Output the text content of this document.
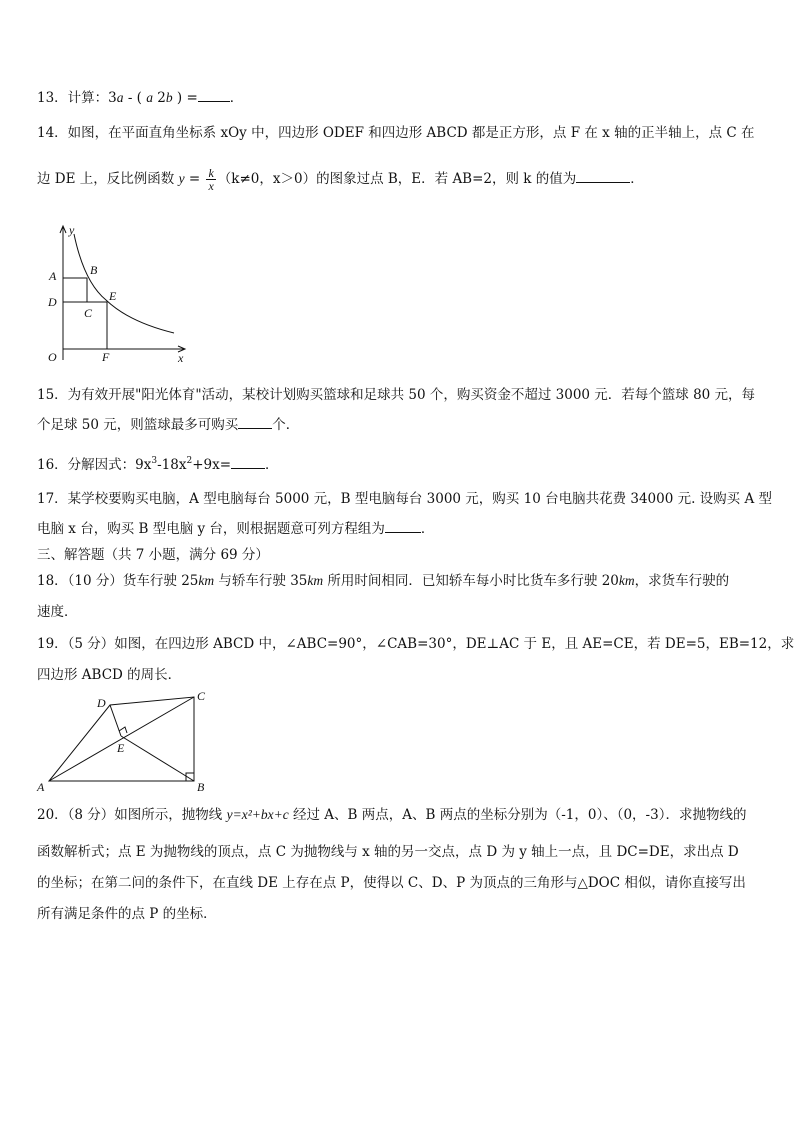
13．计算：3a - ( a 2b ) = ．
14．如图，在平面直角坐标系 xOy 中，四边形 ODEF 和四边形 ABCD 都是正方形，点 F 在 x 轴的正半轴上，点 C 在
边 DE 上，反比例函数 $y = \frac{k}{x} (k\ne 0$，x＞0）的图象过点 B，E．若 AB=2，则 k 的值为	．
y
A	B
D	E
C
O	F	x
15．为有效开展"阳光体育"活动，某校计划购买篮球和足球共 50 个，购买资金不超过 3000 元．若每个篮球 80 元，每
个足球 50 元，则篮球最多可购买	个．
16．分解因式：$9x^3-18x^2+9x=$	．
17．某学校要购买电脑，A 型电脑每台 5000 元，B 型电脑每台 3000 元，购买 10 台电脑共花费 34000 元. 设购买 A 型
电脑 x 台，购买 B 型电脑 y 台，则根据题意可列方程组为	．
三、解答题（共 7 小题，满分 69 分）
18．（10 分）货车行驶 25km 与轿车行驶 35km 所用时间相同．已知轿车每小时比货车多行驶 20km，求货车行驶的
速度．
19．（5 分）如图，在四边形 ABCD 中，∠ABC=90°，∠CAB=30°，DE⊥AC 于 E，且 AE=CE，若 DE=5，EB=12，求
四边形 ABCD 的周长．
D	C
E
A	B
20．（8 分）如图所示，抛物线 y=x²+bx+c 经过 A、B 两点，A、B 两点的坐标分别为（-1，0）、（0，-3）．求抛物线的
函数解析式；点 E 为抛物线的顶点，点 C 为抛物线与 x 轴的另一交点，点 D 为 y 轴上一点，且 DC=DE，求出点 D
的坐标；在第二问的条件下，在直线 DE 上存在点 P，使得以 C、D、P 为顶点的三角形与△DOC 相似，请你直接写出
所有满足条件的点 P 的坐标．
